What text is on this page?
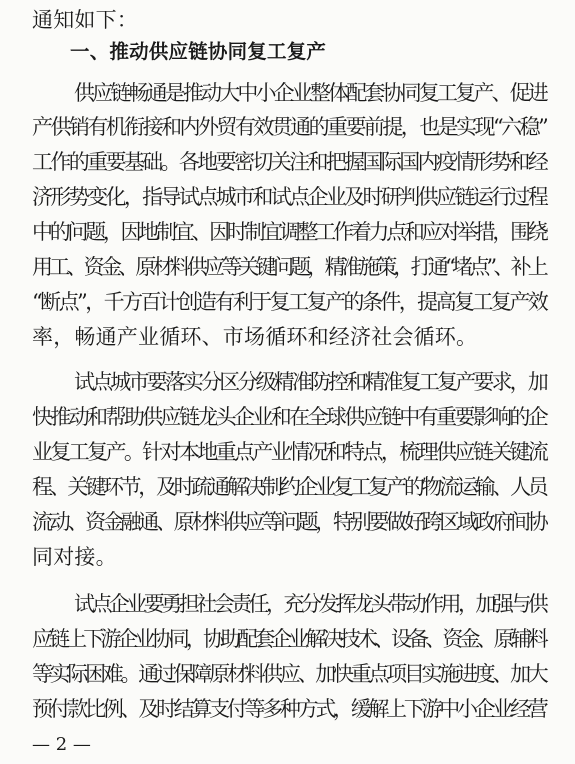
通知如下：
一、推动供应链协同复工复产
供应链畅通是推动大中小企业整体配套协同复工复产、促进
产供销有机衔接和内外贸有效贯通的重要前提，也是实现“六稳”
工作的重要基础。各地要密切关注和把握国际国内疫情形势和经
济形势变化，指导试点城市和试点企业及时研判供应链运行过程
中的问题，因地制宜、因时制宜调整工作着力点和应对举措，围绕
用工、资金、原材料供应等关键问题，精准施策，打通“堵点”、补上
“断点”，千方百计创造有利于复工复产的条件，提高复工复产效
率，畅通产业循环、市场循环和经济社会循环。
试点城市要落实分区分级精准防控和精准复工复产要求，加
快推动和帮助供应链龙头企业和在全球供应链中有重要影响的企
业复工复产。针对本地重点产业情况和特点，梳理供应链关键流
程、关键环节，及时疏通解决制约企业复工复产的物流运输、人员
流动、资金融通、原材料供应等问题，特别要做好跨区域政府间协
同对接。
试点企业要勇担社会责任，充分发挥龙头带动作用，加强与供
应链上下游企业协同，协助配套企业解决技术、设备、资金、原辅料
等实际困难。通过保障原材料供应、加快重点项目实施进度、加大
预付款比例、及时结算支付等多种方式，缓解上下游中小企业经营
— 2 —
